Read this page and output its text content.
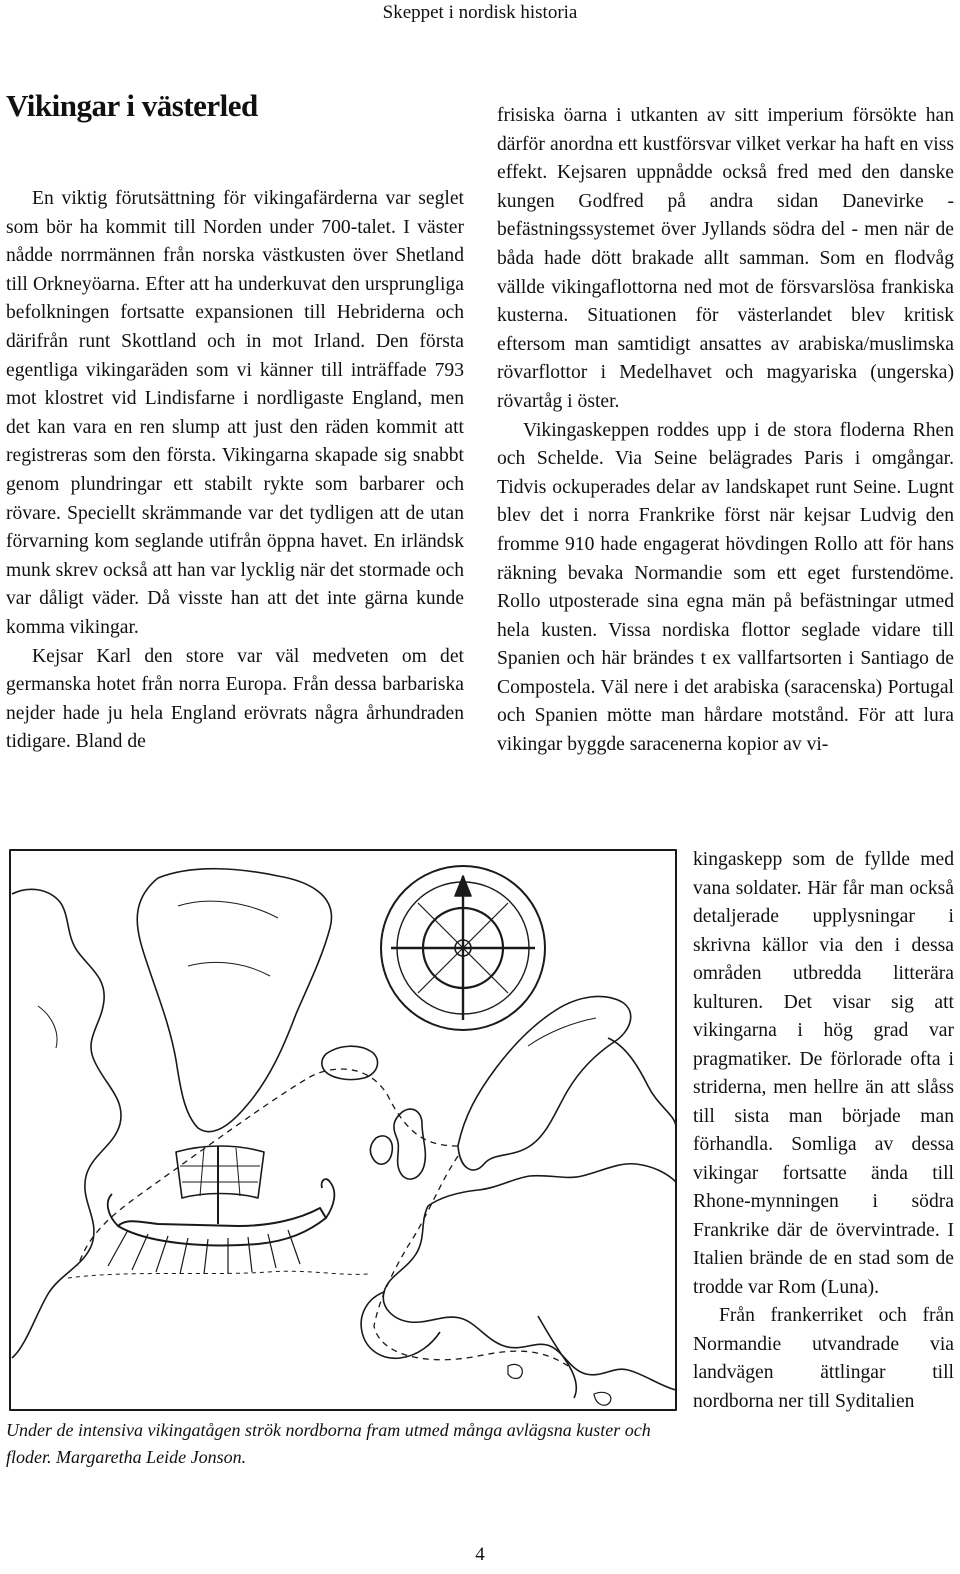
Skeppet i nordisk historia
Vikingar i västerled

En viktig förutsättning för vikingafärderna var seglet som bör ha kommit till Norden under 700-talet. I väster nådde norrmännen från norska västkusten över Shetland till Orkneyöarna. Efter att ha underkuvat den ursprungliga befolkningen fortsatte expansionen till Hebriderna och därifrån runt Skottland och in mot Irland. Den första egentliga vikingaräden som vi känner till inträffade 793 mot klostret vid Lindisfarne i nordligaste England, men det kan vara en ren slump att just den räden kommit att registreras som den första. Vikingarna skapade sig snabbt genom plundringar ett stabilt rykte som barbarer och rövare. Speciellt skrämmande var det tydligen att de utan förvarning kom seglande utifrån öppna havet. En irländsk munk skrev också att han var lycklig när det stormade och var dåligt väder. Då visste han att det inte gärna kunde komma vikingar.

Kejsar Karl den store var väl medveten om det germanska hotet från norra Europa. Från dessa barbariska nejder hade ju hela England erövrats några århundraden tidigare. Bland de

frisiska öarna i utkanten av sitt imperium försökte han därför anordna ett kustförsvar vilket verkar ha haft en viss effekt. Kejsaren uppnådde också fred med den danske kungen Godfred på andra sidan Danevirke - befästningssystemet över Jyllands södra del - men när de båda hade dött brakade allt samman. Som en flodvåg vällde vikingaflottorna ned mot de försvarslösa frankiska kusterna. Situationen för västerlandet blev kritisk eftersom man samtidigt ansattes av arabiska/muslimska rövarflottor i Medelhavet och magyariska (ungerska) rövartåg i öster.

Vikingaskeppen roddes upp i de stora floderna Rhen och Schelde. Via Seine belägrades Paris i omgångar. Tidvis ockuperades delar av landskapet runt Seine. Lugnt blev det i norra Frankrike först när kejsar Ludvig den fromme 910 hade engagerat hövdingen Rollo att för hans räkning bevaka Normandie som ett eget furstendöme. Rollo utposterade sina egna män på befästningar utmed hela kusten. Vissa nordiska flottor seglade vidare till Spanien och här brändes t ex vallfartsorten i Santiago de Compostela. Väl nere i det arabiska (saracenska) Portugal och Spanien mötte man hårdare motstånd. För att lura vikingar byggde saracenerna kopior av vi-

kingaskepp som de fyllde med vana soldater. Här får man också detaljerade upplysningar i skrivna källor via den i dessa områden utbredda litterära kulturen. Det visar sig att vikingarna i hög grad var pragmatiker. De förlorade ofta i striderna, men hellre än att slåss till sista man började man förhandla. Somliga av dessa vikingar fortsatte ända till Rhone-mynningen i södra Frankrike där de övervintrade. I Italien brände de en stad som de trodde var Rom (Luna).

Från frankerriket och från Normandie utvandrade via landvägen ättlingar till nordborna ner till Syditalien

Under de intensiva vikingatågen strök nordborna fram utmed många avlägsna kuster och floder. Margaretha Leide Jonson.
4
